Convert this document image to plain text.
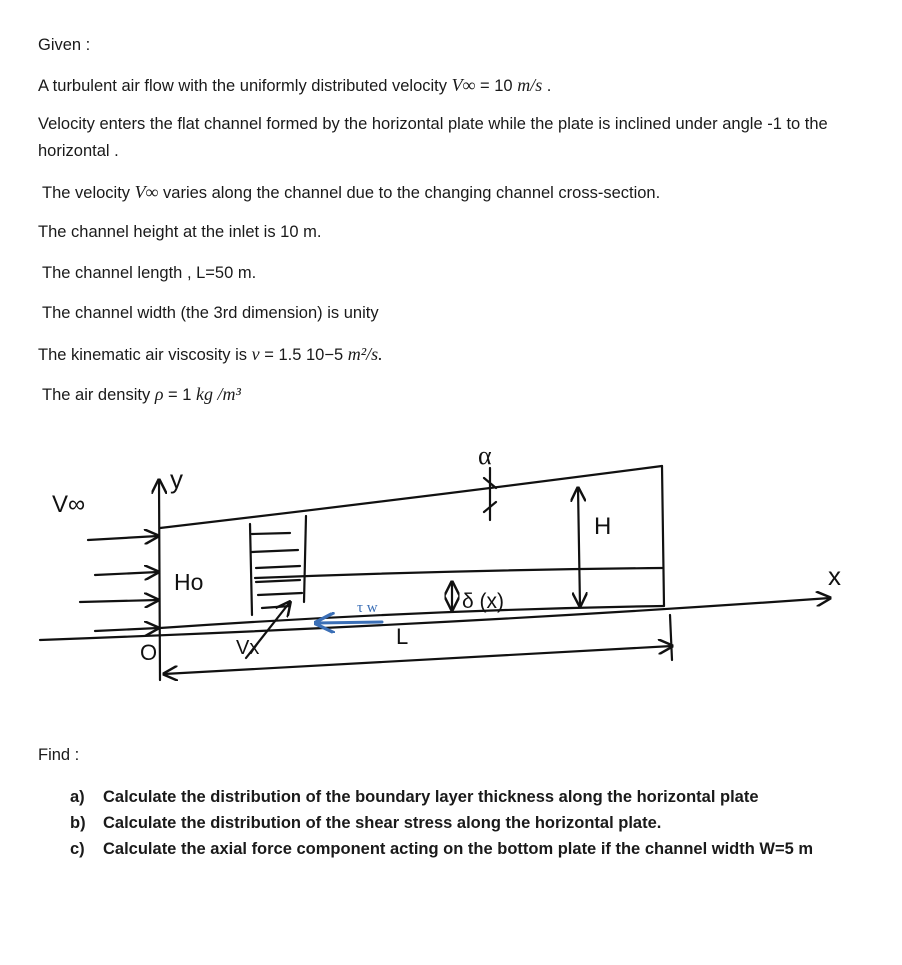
Given :
A turbulent air flow with the uniformly distributed velocity V∞ = 10 m/s .
Velocity enters the flat channel formed by the horizontal plate while the plate is inclined under angle -1 to the horizontal .
The velocity V∞ varies along the channel due to the changing channel cross-section.
The channel height at the inlet is 10 m.
The channel length , L=50 m.
The channel width (the 3rd dimension) is unity
The kinematic air viscosity is ν = 1.5 10−5 m²/s.
The air density ρ = 1 kg /m³
V∞
y
x
α
Ho
H
δ (x)
τ w
Vx
O
L
Find :
a)	Calculate the distribution of the boundary layer thickness along the horizontal plate
b)	Calculate the distribution of the shear stress along the horizontal plate.
c)	Calculate the axial force component acting on the bottom plate if the channel width W=5 m
